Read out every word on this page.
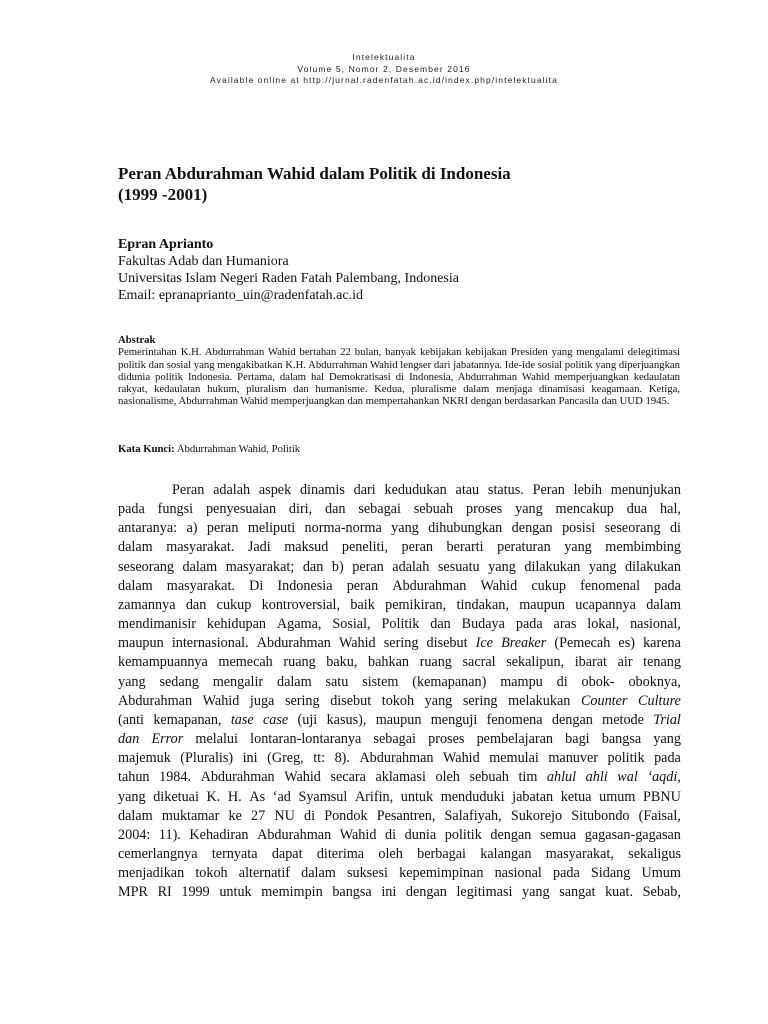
Intelektualita
Volume 5, Nomor 2, Desember 2016
Available online at http://jurnal.radenfatah.ac.id/index.php/intelektualita
Peran Abdurahman Wahid dalam Politik di Indonesia
(1999 -2001)
Epran Aprianto
Fakultas Adab dan Humaniora
Universitas Islam Negeri Raden Fatah Palembang, Indonesia
Email: epranaprianto_uin@radenfatah.ac.id
Abstrak
Pemerintahan K.H. Abdurrahman Wahid bertahan 22 bulan, banyak kebijakan kebijakan Presiden yang mengalami delegitimasi politik dan sosial yang mengakibatkan K.H. Abdurrahman Wahid lengser dari jabatannya. Ide-ide sosial politik yang diperjuangkan didunia politik Indonesia. Pertama, dalam hal Demokratisasi di Indonesia, Abdurrahman Wahid memperjuangkan kedaulatan rakyat, kedaulatan hukum, pluralism dan humanisme. Kedua, pluralisme dalam menjaga dinamisasi keagamaan. Ketiga, nasionalisme, Abdurrahman Wahid memperjuangkan dan mempertahankan NKRI dengan berdasarkan Pancasila dan UUD 1945.
Kata Kunci: Abdurrahman Wahid, Politik
Peran adalah aspek dinamis dari kedudukan atau status. Peran lebih menunjukan
pada fungsi penyesuaian diri, dan sebagai sebuah proses yang mencakup dua hal,
antaranya: a) peran meliputi norma-norma yang dihubungkan dengan posisi seseorang di
dalam masyarakat. Jadi maksud peneliti, peran berarti peraturan yang membimbing
seseorang dalam masyarakat; dan b) peran adalah sesuatu yang dilakukan yang dilakukan
dalam masyarakat. Di Indonesia peran Abdurahman Wahid cukup fenomenal pada
zamannya dan cukup kontroversial, baik pemikiran, tindakan, maupun ucapannya dalam
mendimanisir kehidupan Agama, Sosial, Politik dan Budaya pada aras lokal, nasional,
maupun internasional. Abdurahman Wahid sering disebut Ice Breaker (Pemecah es) karena
kemampuannya memecah ruang baku, bahkan ruang sacral sekalipun, ibarat air tenang
yang sedang mengalir dalam satu sistem (kemapanan) mampu di obok- oboknya,
Abdurahman Wahid juga sering disebut tokoh yang sering melakukan Counter Culture
(anti kemapanan, tase case (uji kasus), maupun menguji fenomena dengan metode Trial
dan Error melalui lontaran-lontaranya sebagai proses pembelajaran bagi bangsa yang
majemuk (Pluralis) ini (Greg, tt: 8). Abdurahman Wahid memulai manuver politik pada
tahun 1984. Abdurahman Wahid secara aklamasi oleh sebuah tim ahlul ahli wal ‘aqdi,
yang diketuai K. H. As ‘ad Syamsul Arifin, untuk menduduki jabatan ketua umum PBNU
dalam muktamar ke 27 NU di Pondok Pesantren, Salafiyah, Sukorejo Situbondo (Faisal,
2004: 11). Kehadiran Abdurahman Wahid di dunia politik dengan semua gagasan-gagasan
cemerlangnya ternyata dapat diterima oleh berbagai kalangan masyarakat, sekaligus
menjadikan tokoh alternatif dalam suksesi kepemimpinan nasional pada Sidang Umum
MPR RI 1999 untuk memimpin bangsa ini dengan legitimasi yang sangat kuat. Sebab,
